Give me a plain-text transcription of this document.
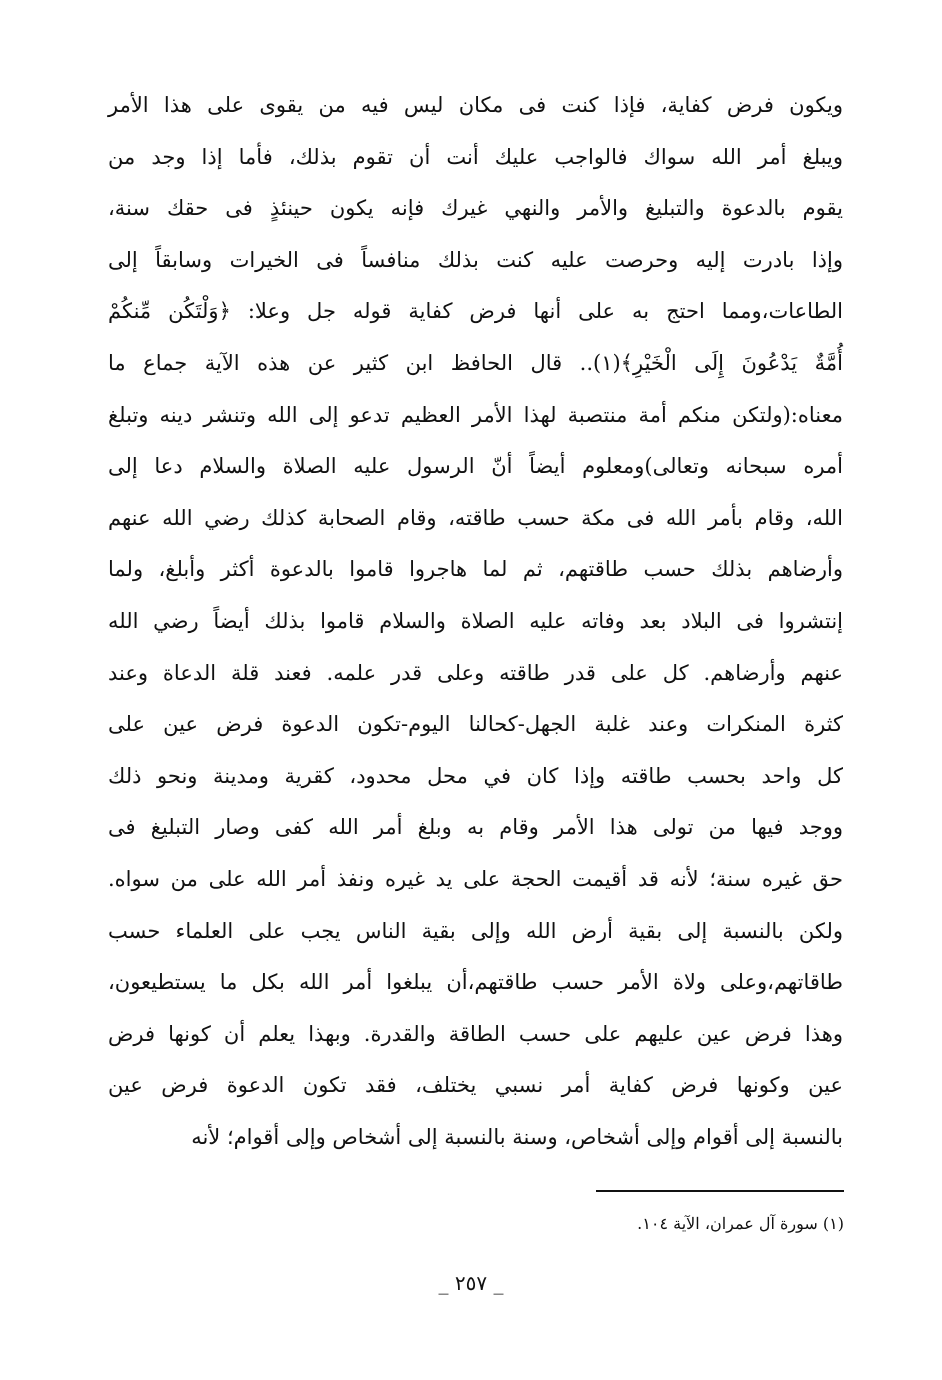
ويكون فرض كفاية، فإذا كنت فى مكان ليس فيه من يقوى على هذا الأمر
ويبلغ أمر الله سواك فالواجب عليك أنت أن تقوم بذلك، فأما إذا وجد من
يقوم بالدعوة والتبليغ والأمر والنهي غيرك فإنه يكون حينئذٍ فى حقك سنة،
وإذا بادرت إليه وحرصت عليه كنت بذلك منافساً فى الخيرات وسابقاً إلى
الطاعات،ومما احتج به على أنها فرض كفاية قوله جل وعلا: ﴿وَلْتَكُن مِّنكُمْ
أُمَّةٌ يَدْعُونَ إِلَى الْخَيْرِ﴾(١).. قال الحافظ ابن كثير عن هذه الآية جماع ما
معناه:(ولتكن منكم أمة منتصبة لهذا الأمر العظيم تدعو إلى الله وتنشر دينه وتبلغ
أمره سبحانه وتعالى)ومعلوم أيضاً أنّ الرسول عليه الصلاة والسلام دعا إلى
الله، وقام بأمر الله فى مكة حسب طاقته، وقام الصحابة كذلك رضي الله عنهم
وأرضاهم بذلك حسب طاقتهم، ثم لما هاجروا قاموا بالدعوة أكثر وأبلغ، ولما
إنتشروا فى البلاد بعد وفاته عليه الصلاة والسلام قاموا بذلك أيضاً رضي الله
عنهم وأرضاهم. كل على قدر طاقته وعلى قدر علمه. فعند قلة الدعاة وعند
كثرة المنكرات وعند غلبة الجهل-كحالنا اليوم-تكون الدعوة فرض عين على
كل واحد بحسب طاقته وإذا كان في محل محدود، كقرية ومدينة ونحو ذلك
ووجد فيها من تولى هذا الأمر وقام به وبلغ أمر الله كفى وصار التبليغ فى
حق غيره سنة؛ لأنه قد أقيمت الحجة على يد غيره ونفذ أمر الله على من سواه.
ولكن بالنسبة إلى بقية أرض الله وإلى بقية الناس يجب على العلماء حسب
طاقاتهم،وعلى ولاة الأمر حسب طاقتهم،أن يبلغوا أمر الله بكل ما يستطيعون،
وهذا فرض عين عليهم على حسب الطاقة والقدرة. وبهذا يعلم أن كونها فرض
عين وكونها فرض كفاية أمر نسبي يختلف، فقد تكون الدعوة فرض عين
بالنسبة إلى أقوام وإلى أشخاص، وسنة بالنسبة إلى أشخاص وإلى أقوام؛ لأنه
(١) سورة آل عمران، الآية ١٠٤.
_ ٢٥٧ _
